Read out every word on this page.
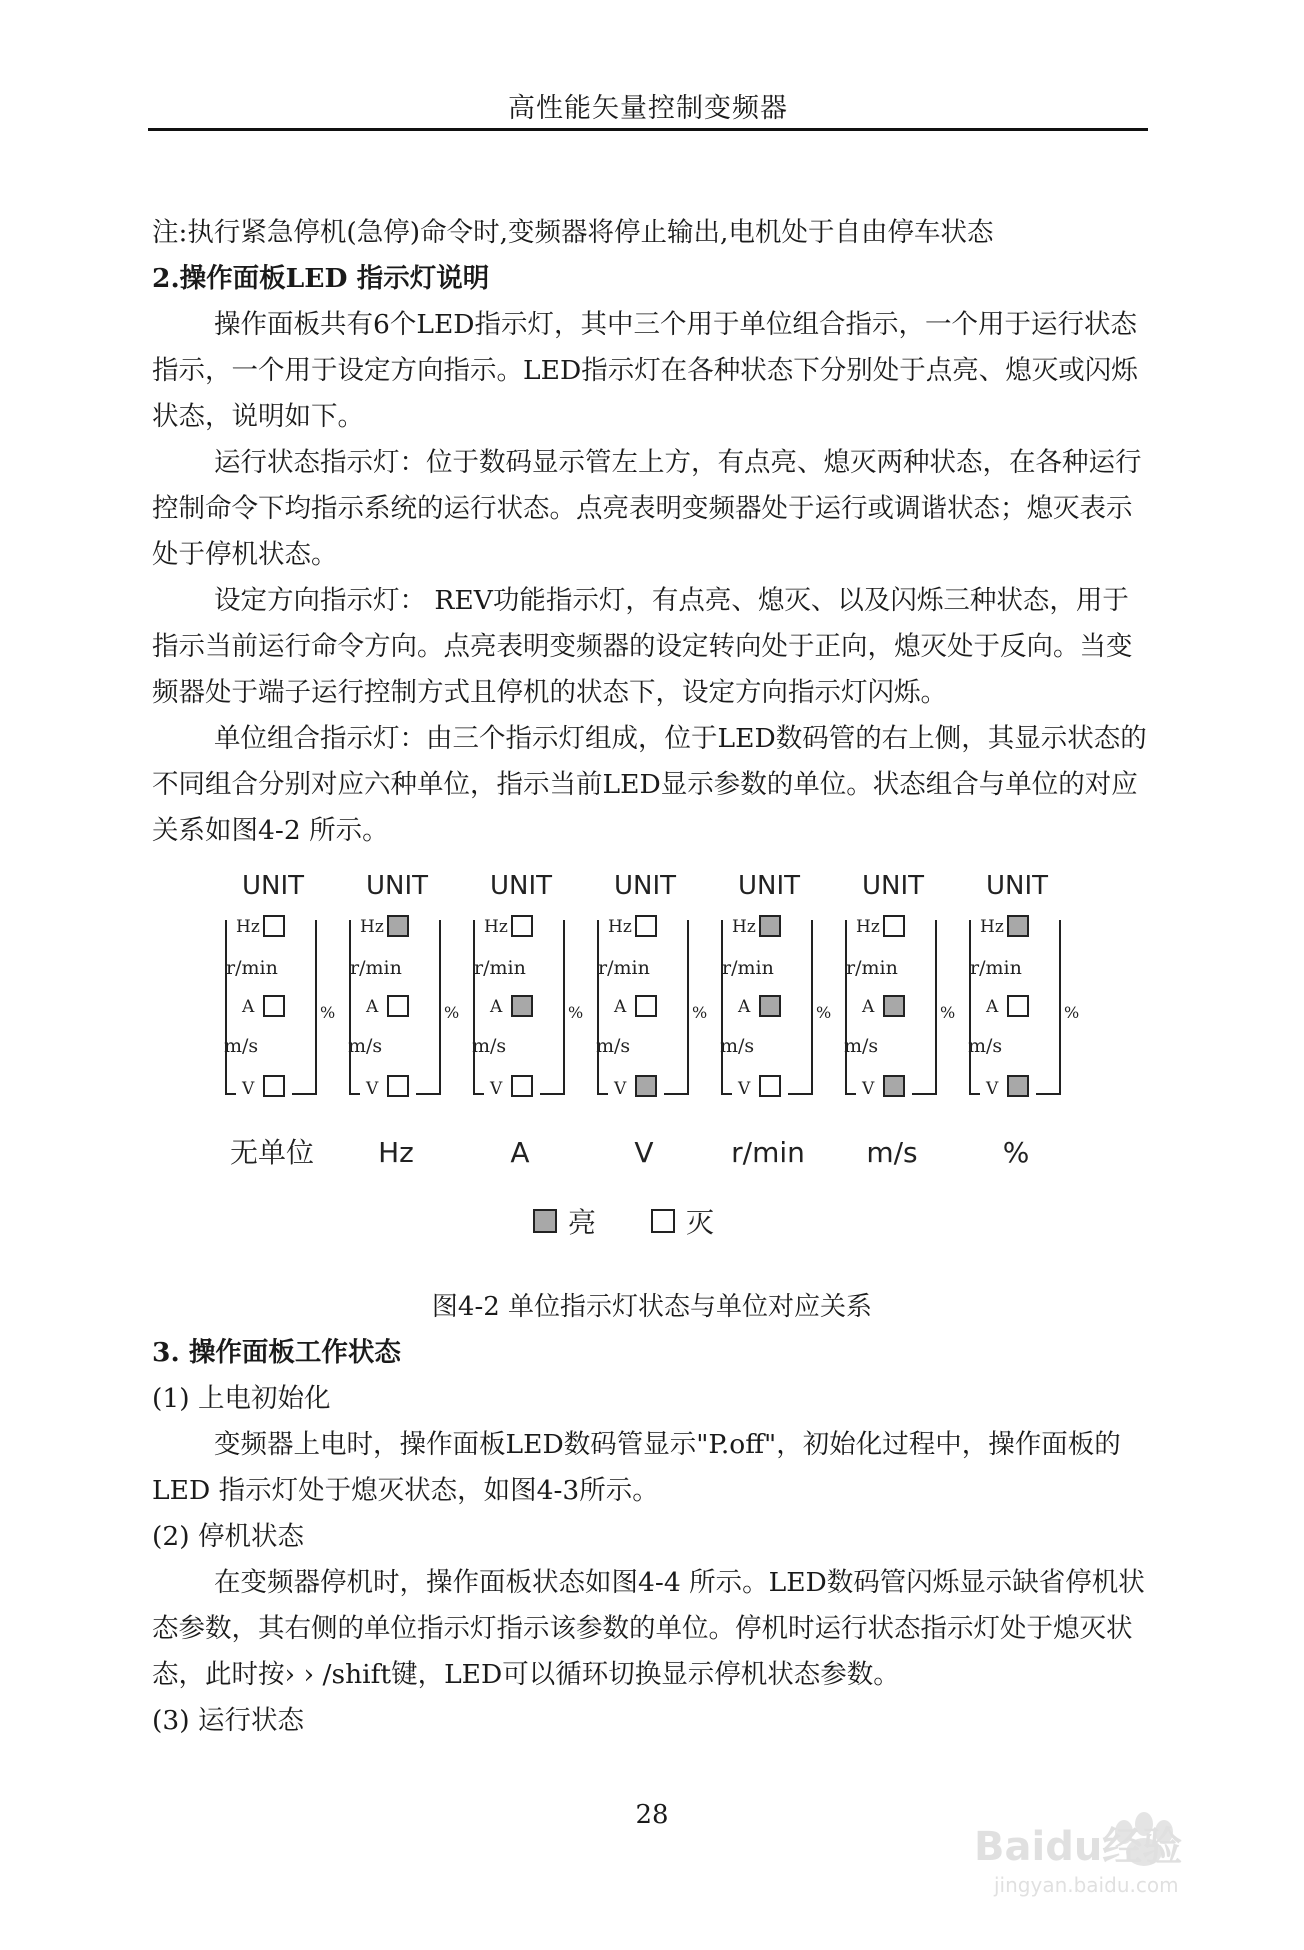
高性能矢量控制变频器

注:执行紧急停机(急停)命令时,变频器将停止输出,电机处于自由停车状态

2.操作面板LED 指示灯说明

操作面板共有6个LED指示灯，其中三个用于单位组合指示，一个用于运行状态指示，一个用于设定方向指示。LED指示灯在各种状态下分别处于点亮、熄灭或闪烁状态，说明如下。

运行状态指示灯：位于数码显示管左上方，有点亮、熄灭两种状态，在各种运行控制命令下均指示系统的运行状态。点亮表明变频器处于运行或调谐状态；熄灭表示处于停机状态。

设定方向指示灯： REV功能指示灯，有点亮、熄灭、以及闪烁三种状态，用于指示当前运行命令方向。点亮表明变频器的设定转向处于正向，熄灭处于反向。当变频器处于端子运行控制方式且停机的状态下，设定方向指示灯闪烁。

单位组合指示灯：由三个指示灯组成，位于LED数码管的右上侧，其显示状态的不同组合分别对应六种单位，指示当前LED显示参数的单位。状态组合与单位的对应关系如图4-2 所示。

UNIT
Hz
r/min
A	%
m/s
V
无单位
UNIT
Hz
r/min
A	%
m/s
V
Hz
UNIT
Hz
r/min
A	%
m/s
V
A
UNIT
Hz
r/min
A	%
m/s
V
V
UNIT
Hz
r/min
A	%
m/s
V
r/min
UNIT
Hz
r/min
A	%
m/s
V
m/s
UNIT
Hz
r/min
A	%
m/s
V
%
亮	灭
图4-2 单位指示灯状态与单位对应关系

3. 操作面板工作状态

(1) 上电初始化

变频器上电时，操作面板LED数码管显示"P.off"，初始化过程中，操作面板的LED 指示灯处于熄灭状态，如图4-3所示。

(2) 停机状态

在变频器停机时，操作面板状态如图4-4 所示。LED数码管闪烁显示缺省停机状态参数，其右侧的单位指示灯指示该参数的单位。停机时运行状态指示灯处于熄灭状态，此时按› › /shift键，LED可以循环切换显示停机状态参数。

(3) 运行状态

28
Baidu经验
jingyan.baidu.com
